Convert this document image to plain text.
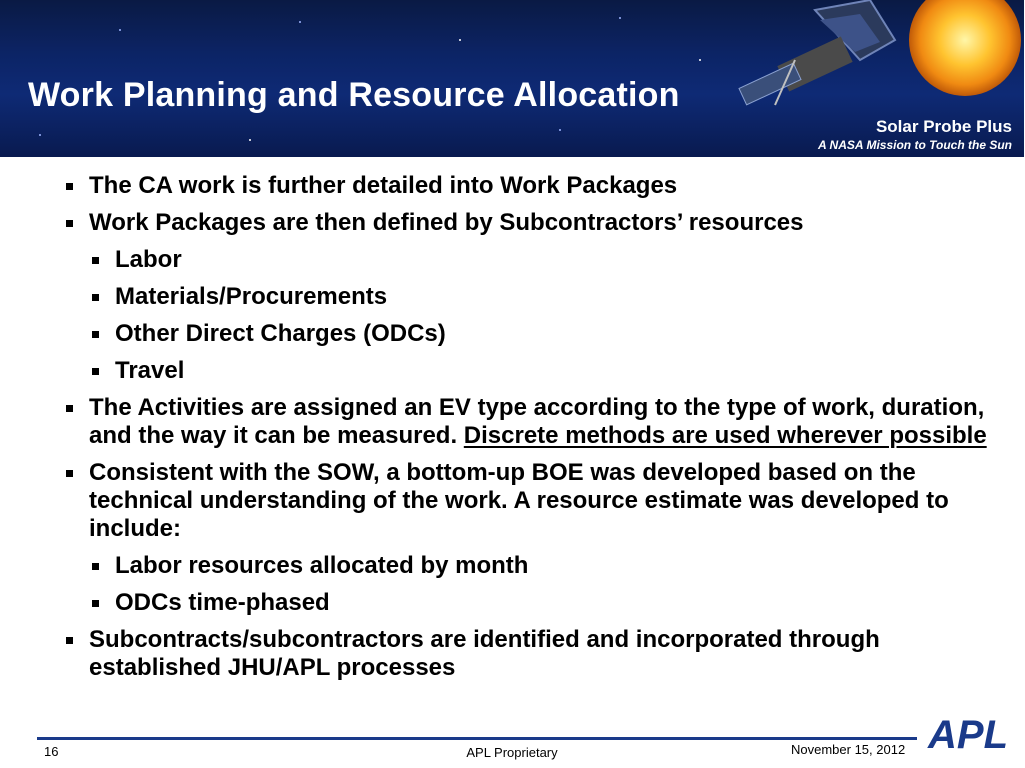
Work Planning and Resource Allocation
Solar Probe Plus
A NASA Mission to Touch the Sun
The CA work is further detailed into Work Packages
Work Packages are then defined by Subcontractors’ resources
Labor
Materials/Procurements
Other Direct Charges (ODCs)
Travel
The Activities are assigned an EV type according to the type of work, duration, and the way it can be measured. Discrete methods are used wherever possible
Consistent with the SOW, a bottom-up BOE was developed based on the technical understanding of the work. A resource estimate was developed to include:
Labor resources allocated by month
ODCs time-phased
Subcontracts/subcontractors are identified and incorporated through established JHU/APL processes
16	APL Proprietary	November 15, 2012 APL
